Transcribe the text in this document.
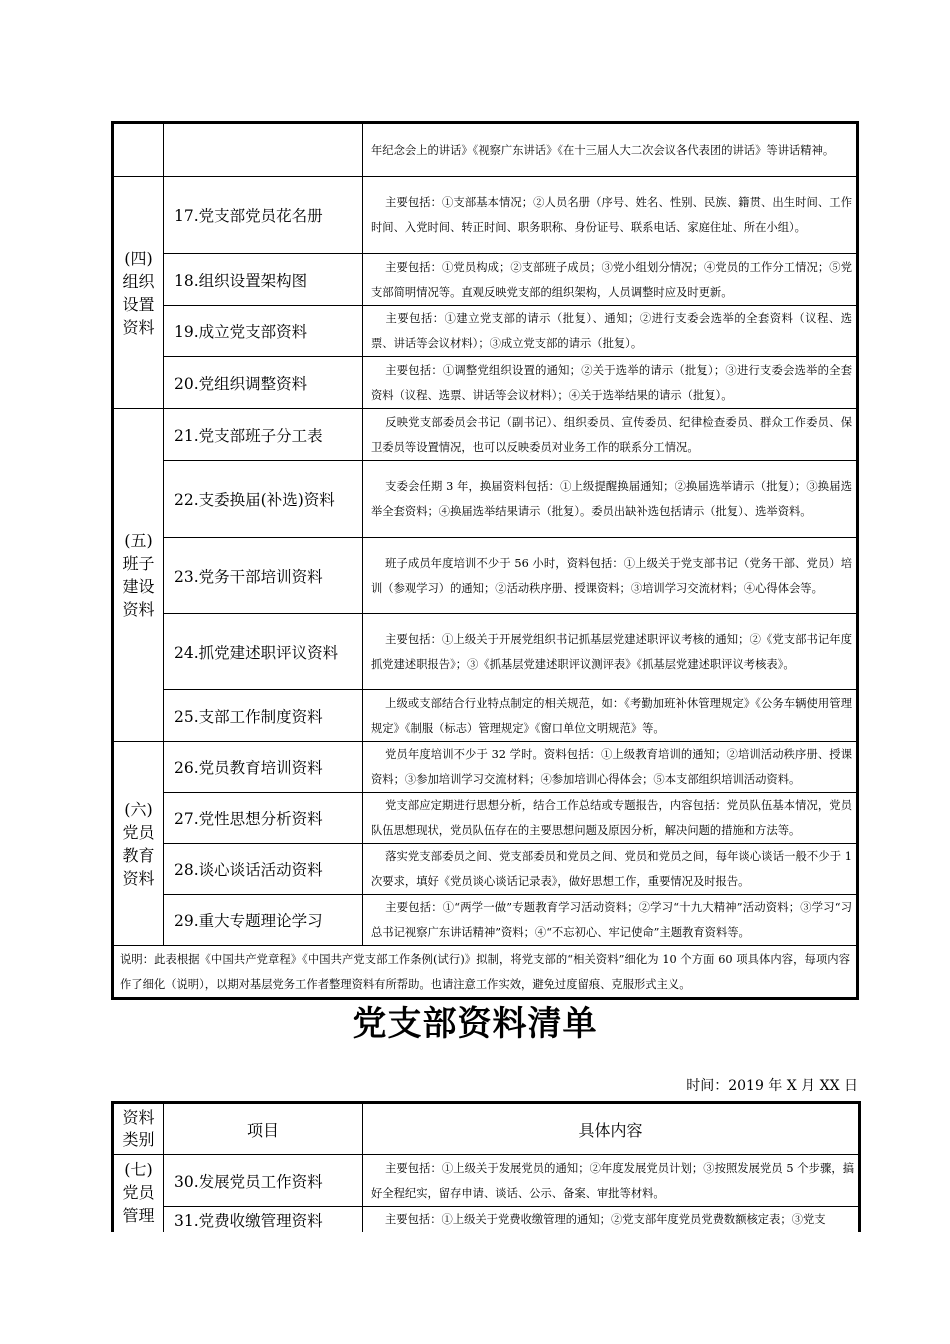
		年纪念会上的讲话》《视察广东讲话》《在十三届人大二次会议各代表团的讲话》等讲话精神。

(四)
组织
设置
资料	17.党支部党员花名册	主要包括：①支部基本情况；②人员名册（序号、姓名、性别、民族、籍贯、出生时间、工作时间、入党时间、转正时间、职务职称、身份证号、联系电话、家庭住址、所在小组）。
	18.组织设置架构图	主要包括：①党员构成；②支部班子成员；③党小组划分情况；④党员的工作分工情况；⑤党支部简明情况等。直观反映党支部的组织架构，人员调整时应及时更新。
	19.成立党支部资料	主要包括：①建立党支部的请示（批复）、通知；②进行支委会选举的全套资料（议程、选票、讲话等会议材料）；③成立党支部的请示（批复）。
	20.党组织调整资料	主要包括：①调整党组织设置的通知；②关于选举的请示（批复）；③进行支委会选举的全套资料（议程、选票、讲话等会议材料）；④关于选举结果的请示（批复）。

(五)
班子
建设
资料	21.党支部班子分工表	反映党支部委员会书记（副书记）、组织委员、宣传委员、纪律检查委员、群众工作委员、保卫委员等设置情况，也可以反映委员对业务工作的联系分工情况。
	22.支委换届(补选)资料	支委会任期 3 年，换届资料包括：①上级提醒换届通知；②换届选举请示（批复）；③换届选举全套资料；④换届选举结果请示（批复）。委员出缺补选包括请示（批复）、选举资料。
	23.党务干部培训资料	班子成员年度培训不少于 56 小时，资料包括：①上级关于党支部书记（党务干部、党员）培训（参观学习）的通知；②活动秩序册、授课资料；③培训学习交流材料；④心得体会等。
	24.抓党建述职评议资料	主要包括：①上级关于开展党组织书记抓基层党建述职评议考核的通知；②《党支部书记年度抓党建述职报告》；③《抓基层党建述职评议测评表》《抓基层党建述职评议考核表》。
	25.支部工作制度资料	上级或支部结合行业特点制定的相关规范，如：《考勤加班补休管理规定》《公务车辆使用管理规定》《制服（标志）管理规定》《窗口单位文明规范》等。

(六)
党员
教育
资料	26.党员教育培训资料	党员年度培训不少于 32 学时。资料包括：①上级教育培训的通知；②培训活动秩序册、授课资料；③参加培训学习交流材料；④参加培训心得体会；⑤本支部组织培训活动资料。
	27.党性思想分析资料	党支部应定期进行思想分析，结合工作总结或专题报告，内容包括：党员队伍基本情况，党员队伍思想现状，党员队伍存在的主要思想问题及原因分析，解决问题的措施和方法等。
	28.谈心谈话活动资料	落实党支部委员之间、党支部委员和党员之间、党员和党员之间，每年谈心谈话一般不少于 1 次要求，填好《党员谈心谈话记录表》，做好思想工作，重要情况及时报告。
	29.重大专题理论学习	主要包括：①“两学一做”专题教育学习活动资料；②学习“十九大精神”活动资料；③学习“习总书记视察广东讲话精神”资料；④“不忘初心、牢记使命”主题教育资料等。
说明：此表根据《中国共产党章程》《中国共产党支部工作条例(试行)》拟制，将党支部的“相关资料”细化为 10 个方面 60 项具体内容，每项内容作了细化（说明），以期对基层党务工作者整理资料有所帮助。也请注意工作实效，避免过度留痕、克服形式主义。		
党支部资料清单
时间：2019 年 X 月 XX 日
资料
类别	项目	具体内容

(七)
党员
管理	30.发展党员工作资料	主要包括：①上级关于发展党员的通知；②年度发展党员计划；③按照发展党员 5 个步骤，搞好全程纪实，留存申请、谈话、公示、备案、审批等材料。
	31.党费收缴管理资料	主要包括：①上级关于党费收缴管理的通知；②党支部年度党员党费数额核定表；③党支
